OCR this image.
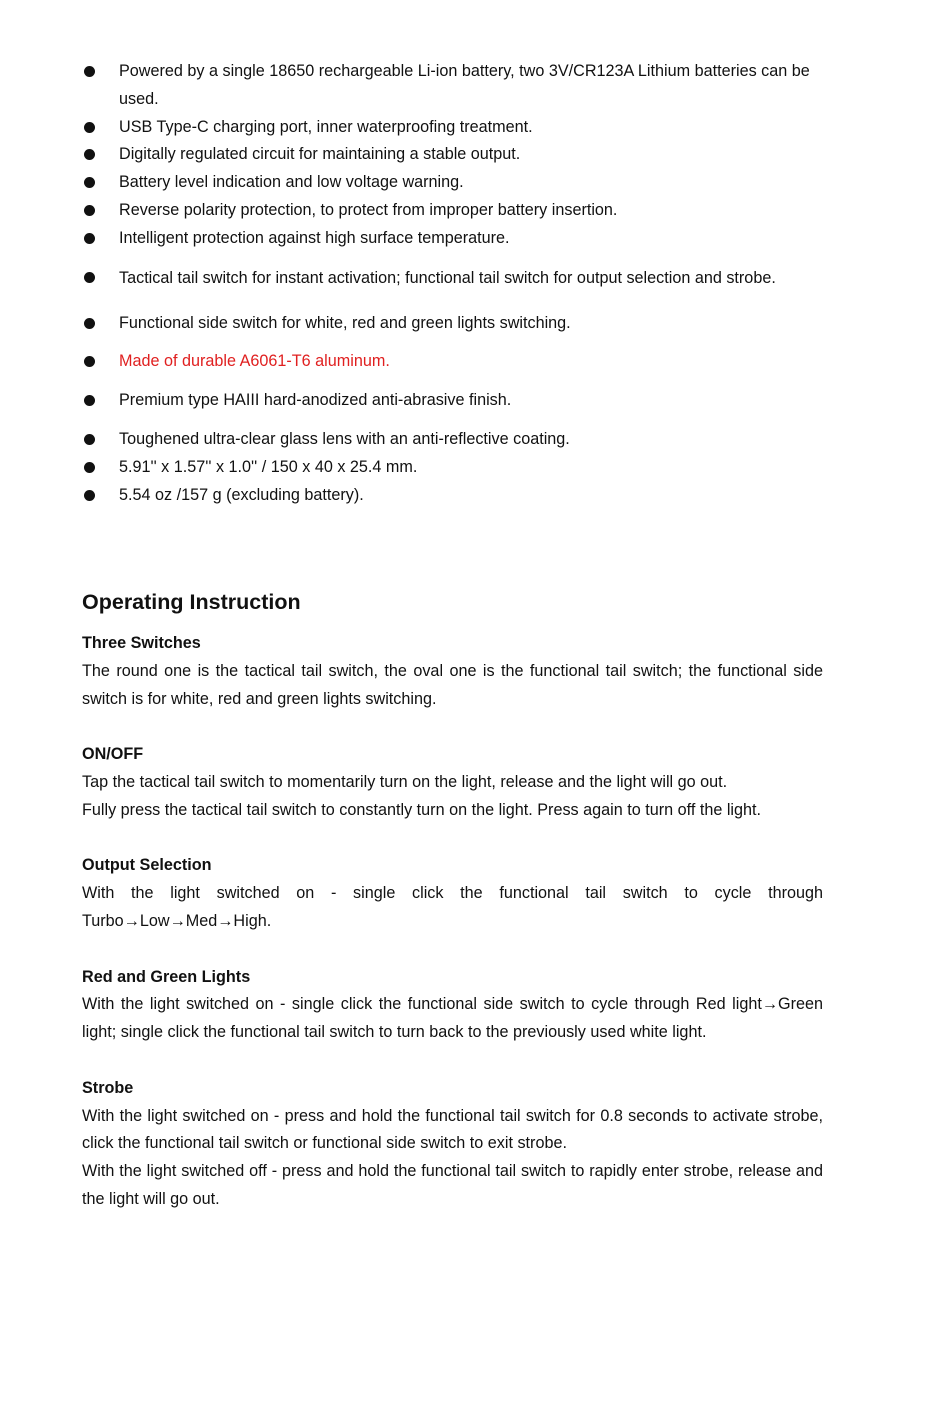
Powered by a single 18650 rechargeable Li-ion battery, two 3V/CR123A Lithium batteries can be used.
USB Type-C charging port, inner waterproofing treatment.
Digitally regulated circuit for maintaining a stable output.
Battery level indication and low voltage warning.
Reverse polarity protection, to protect from improper battery insertion.
Intelligent protection against high surface temperature.
Tactical tail switch for instant activation; functional tail switch for output selection and strobe.
Functional side switch for white, red and green lights switching.
Made of durable A6061-T6 aluminum.
Premium type HAIII hard-anodized anti-abrasive finish.
Toughened ultra-clear glass lens with an anti-reflective coating.
5.91'' x 1.57'' x 1.0'' / 150 x 40 x 25.4 mm.
5.54 oz /157 g (excluding battery).
Operating Instruction
Three Switches

The round one is the tactical tail switch, the oval one is the functional tail switch; the functional side switch is for white, red and green lights switching.

ON/OFF

Tap the tactical tail switch to momentarily turn on the light, release and the light will go out.

Fully press the tactical tail switch to constantly turn on the light. Press again to turn off the light.

Output Selection

With the light switched on - single click the functional tail switch to cycle through Turbo→Low→Med→High.

Red and Green Lights

With the light switched on - single click the functional side switch to cycle through Red light→Green light; single click the functional tail switch to turn back to the previously used white light.

Strobe

With the light switched on - press and hold the functional tail switch for 0.8 seconds to activate strobe, click the functional tail switch or functional side switch to exit strobe.

With the light switched off - press and hold the functional tail switch to rapidly enter strobe, release and the light will go out.
